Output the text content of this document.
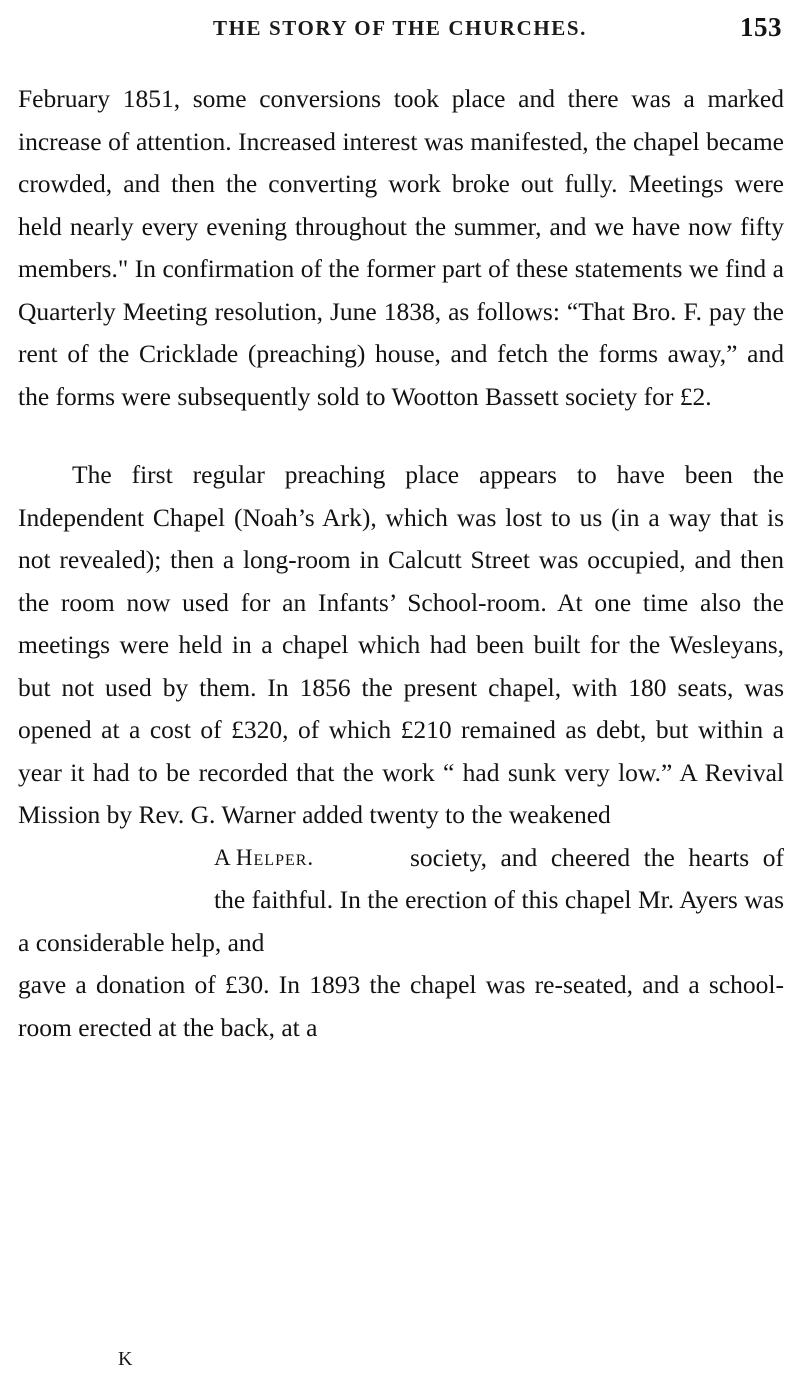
THE STORY OF THE CHURCHES.	153

February 1851, some conversions took place and there was a marked increase of attention. Increased interest was manifested, the chapel became crowded, and then the converting work broke out fully. Meetings were held nearly every evening throughout the summer, and we have now fifty members." In confirmation of the former part of these statements we find a Quarterly Meeting resolution, June 1838, as follows: “That Bro. F. pay the rent of the Cricklade (preaching) house, and fetch the forms away,” and the forms were subsequently sold to Wootton Bassett society for £2.

The first regular preaching place appears to have been the Independent Chapel (Noah’s Ark), which was lost to us (in a way that is not revealed); then a long-room in Calcutt Street was occupied, and then the room now used for an Infants’ School-room. At one time also the meetings were held in a chapel which had been built for the Wesleyans, but not used by them. In 1856 the present chapel, with 180 seats, was opened at a cost of £320, of which £210 remained as debt, but within a year it had to be recorded that the work “ had sunk very low.” A Revival Mission by Rev. G. Warner added twenty to the weakened

A Helper.	society, and cheered the hearts of the faithful. In the erection of this chapel Mr. Ayers was a considerable help, and

gave a donation of £30. In 1893 the chapel was re-seated, and a school-room erected at the back, at a

K
